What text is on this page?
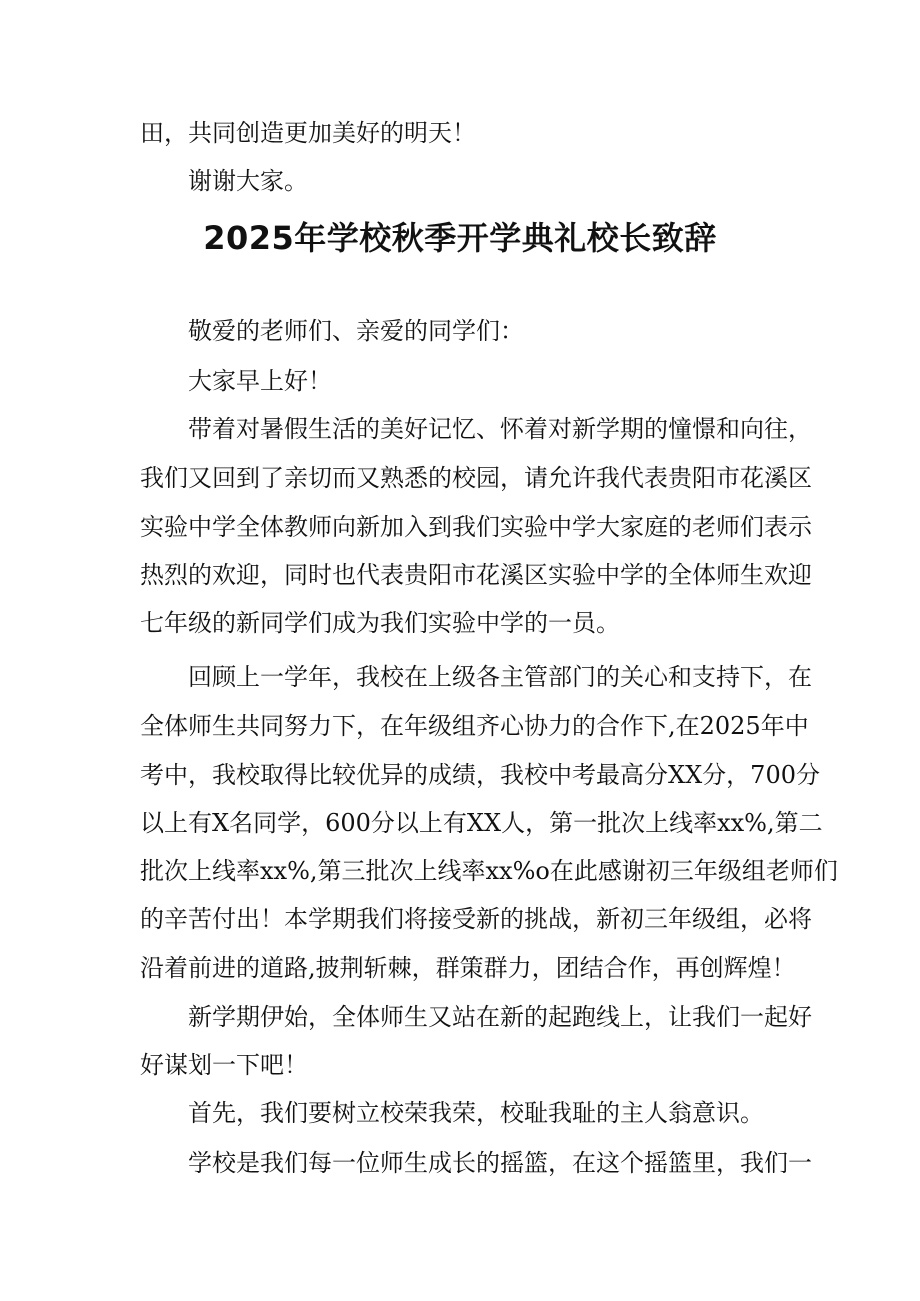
田，共同创造更加美好的明天！

谢谢大家。

2025年学校秋季开学典礼校长致辞

敬爱的老师们、亲爱的同学们：

大家早上好！

带着对暑假生活的美好记忆、怀着对新学期的憧憬和向往，

我们又回到了亲切而又熟悉的校园，请允许我代表贵阳市花溪区

实验中学全体教师向新加入到我们实验中学大家庭的老师们表示

热烈的欢迎，同时也代表贵阳市花溪区实验中学的全体师生欢迎

七年级的新同学们成为我们实验中学的一员。

回顾上一学年，我校在上级各主管部门的关心和支持下，在

全体师生共同努力下，在年级组齐心协力的合作下,在2025年中

考中，我校取得比较优异的成绩，我校中考最高分XX分，700分

以上有X名同学，600分以上有XX人，第一批次上线率xx%,第二

批次上线率xx%,第三批次上线率xx%o在此感谢初三年级组老师们

的辛苦付出！本学期我们将接受新的挑战，新初三年级组，必将

沿着前进的道路,披荆斩棘，群策群力，团结合作，再创辉煌！

新学期伊始，全体师生又站在新的起跑线上，让我们一起好

好谋划一下吧！

首先，我们要树立校荣我荣，校耻我耻的主人翁意识。

学校是我们每一位师生成长的摇篮，在这个摇篮里，我们一
